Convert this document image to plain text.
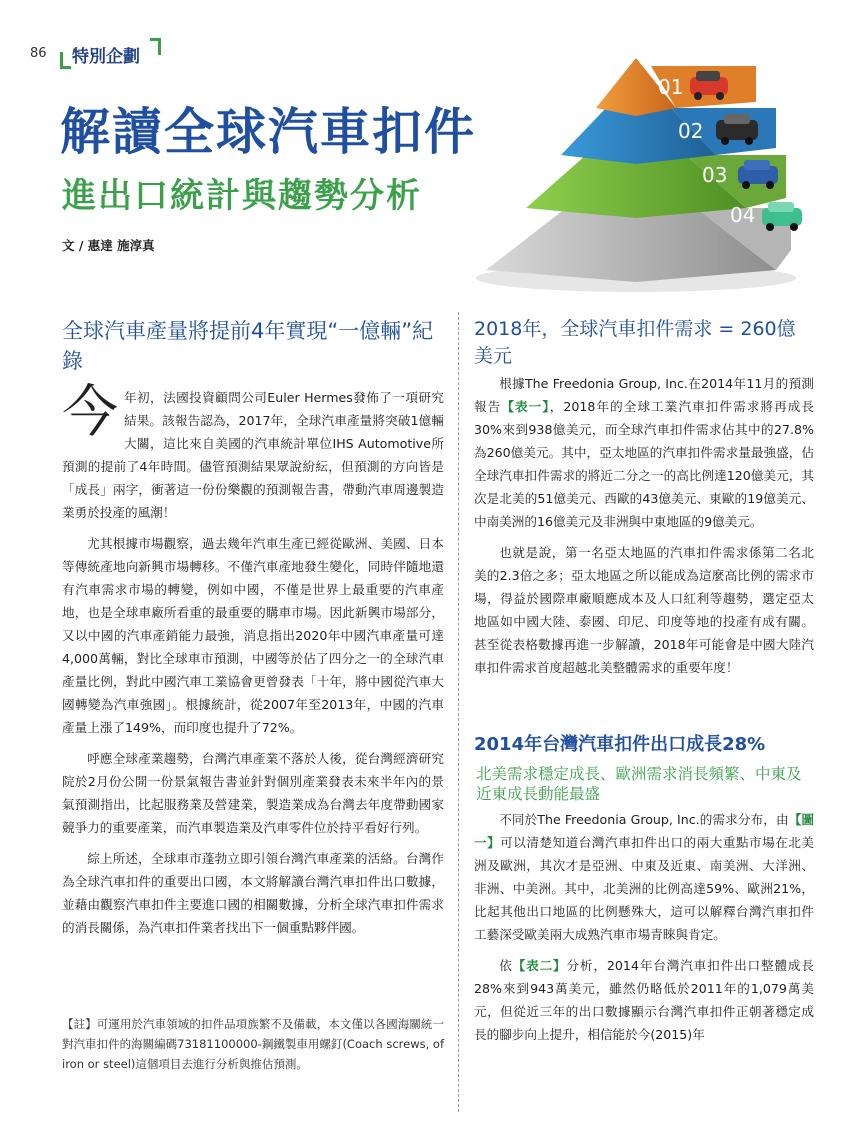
86	特別企劃
解讀全球汽車扣件
進出口統計與趨勢分析
文 / 惠達 施淳真
01
02
03
04
全球汽車產量將提前4年實現“一億輛”紀錄

今 年初，法國投資顧問公司Euler Hermes發佈了一項研究結果。該報告認為，2017年，全球汽車產量將突破1億輛大關，這比來自美國的汽車統計單位IHS Automotive所預測的提前了4年時間。儘管預測結果眾說紛紜，但預測的方向皆是「成長」兩字，衝著這一份份樂觀的預測報告書，帶動汽車周邊製造業勇於投產的風潮！

尤其根據市場觀察，過去幾年汽車生產已經從歐洲、美國、日本等傳統產地向新興市場轉移。不僅汽車產地發生變化，同時伴隨地還有汽車需求市場的轉變，例如中國，不僅是世界上最重要的汽車產地，也是全球車廠所看重的最重要的購車市場。因此新興市場部分，又以中國的汽車產銷能力最強，消息指出2020年中國汽車產量可達4,000萬輛，對比全球車市預測，中國等於佔了四分之一的全球汽車產量比例，對此中國汽車工業協會更曾發表「十年，將中國從汽車大國轉變為汽車強國」。根據統計，從2007年至2013年，中國的汽車產量上漲了149%，而印度也提升了72%。

呼應全球產業趨勢，台灣汽車產業不落於人後，從台灣經濟研究院於2月份公開一份景氣報告書並針對個別產業發表未來半年內的景氣預測指出，比起服務業及營建業，製造業成為台灣去年度帶動國家競爭力的重要產業，而汽車製造業及汽車零件位於持平看好行列。

綜上所述，全球車市蓬勃立即引領台灣汽車產業的活絡。台灣作為全球汽車扣件的重要出口國，本文將解讀台灣汽車扣件出口數據，並藉由觀察汽車扣件主要進口國的相關數據，分析全球汽車扣件需求的消長關係，為汽車扣件業者找出下一個重點夥伴國。

【註】可運用於汽車領域的扣件品項族繁不及備載，本文僅以各國海關統一對汽車扣件的海關編碼73181100000-鋼鐵製車用螺釘(Coach screws, of iron or steel)這個項目去進行分析與推估預測。
2018年，全球汽車扣件需求 = 260億美元

根據The Freedonia Group, Inc.在2014年11月的預測報告【表一】，2018年的全球工業汽車扣件需求將再成長30%來到938億美元，而全球汽車扣件需求佔其中的27.8%為260億美元。其中，亞太地區的汽車扣件需求量最強盛，佔全球汽車扣件需求的將近二分之一的高比例達120億美元，其次是北美的51億美元、西歐的43億美元、東歐的19億美元、中南美洲的16億美元及非洲與中東地區的9億美元。

也就是說，第一名亞太地區的汽車扣件需求係第二名北美的2.3倍之多；亞太地區之所以能成為這麼高比例的需求市場，得益於國際車廠順應成本及人口紅利等趨勢，選定亞太地區如中國大陸、泰國、印尼、印度等地的投產有成有關。甚至從表格數據再進一步解讀，2018年可能會是中國大陸汽車扣件需求首度超越北美整體需求的重要年度！

2014年台灣汽車扣件出口成長28%
北美需求穩定成長、歐洲需求消長頻繁、中東及近東成長動能最盛

不同於The Freedonia Group, Inc.的需求分布，由【圖一】可以清楚知道台灣汽車扣件出口的兩大重點市場在北美洲及歐洲，其次才是亞洲、中東及近東、南美洲、大洋洲、非洲、中美洲。其中，北美洲的比例高達59%、歐洲21%，比起其他出口地區的比例懸殊大，這可以解釋台灣汽車扣件工藝深受歐美兩大成熟汽車市場青睞與肯定。

依【表二】分析，2014年台灣汽車扣件出口整體成長28%來到943萬美元，雖然仍略低於2011年的1,079萬美元，但從近三年的出口數據顯示台灣汽車扣件正朝著穩定成長的腳步向上提升，相信能於今(2015)年
